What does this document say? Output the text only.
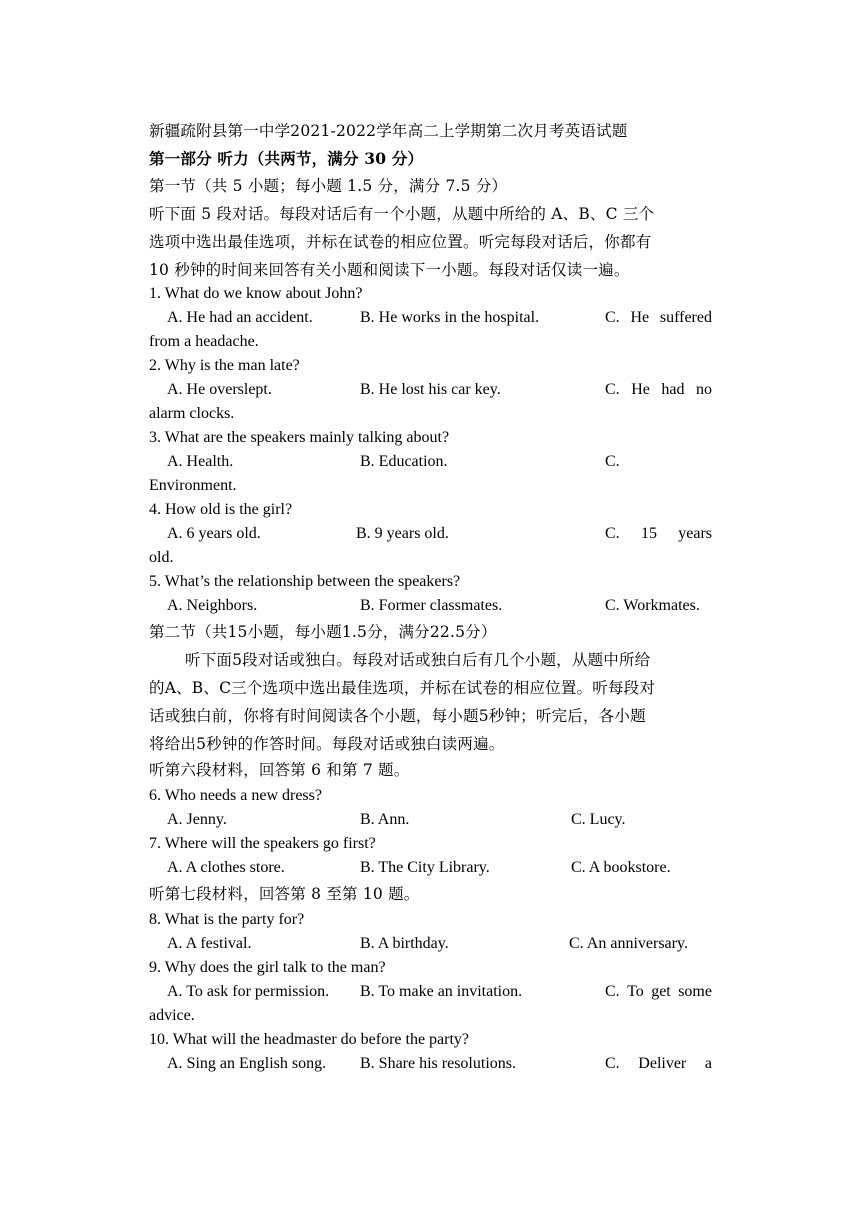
新疆疏附县第一中学2021-2022学年高二上学期第二次月考英语试题
第一部分 听力（共两节，满分 30 分）
第一节（共 5 小题；每小题 1.5 分，满分 7.5 分）
听下面 5 段对话。每段对话后有一个小题，从题中所给的 A、B、C 三个
选项中选出最佳选项，并标在试卷的相应位置。听完每段对话后，你都有
10 秒钟的时间来回答有关小题和阅读下一小题。每段对话仅读一遍。
1. What do we know about John?
A. He had an accident.	B. He works in the hospital.	C. He suffered
from a headache.
2. Why is the man late?
A. He overslept.	B. He lost his car key.	C. He had no
alarm clocks.
3. What are the speakers mainly talking about?
A. Health.	B. Education.	C.
Environment.
4. How old is the girl?
A. 6 years old.	B. 9 years old.	C. 15 years
old.
5. What’s the relationship between the speakers?
A. Neighbors.	B. Former classmates.	C. Workmates.
第二节（共15小题，每小题1.5分，满分22.5分）
听下面5段对话或独白。每段对话或独白后有几个小题，从题中所给
的A、B、C三个选项中选出最佳选项，并标在试卷的相应位置。听每段对
话或独白前，你将有时间阅读各个小题，每小题5秒钟；听完后，各小题
将给出5秒钟的作答时间。每段对话或独白读两遍。
听第六段材料，回答第 6 和第 7 题。
6. Who needs a new dress?
A. Jenny.	B. Ann.	C. Lucy.
7. Where will the speakers go first?
A. A clothes store.	B. The City Library.	C. A bookstore.
听第七段材料，回答第 8 至第 10 题。
8. What is the party for?
A. A festival.	B. A birthday.	C. An anniversary.
9. Why does the girl talk to the man?
A. To ask for permission.	B. To make an invitation.	C. To get some
advice.
10. What will the headmaster do before the party?
A. Sing an English song.	B. Share his resolutions.	C. Deliver a
